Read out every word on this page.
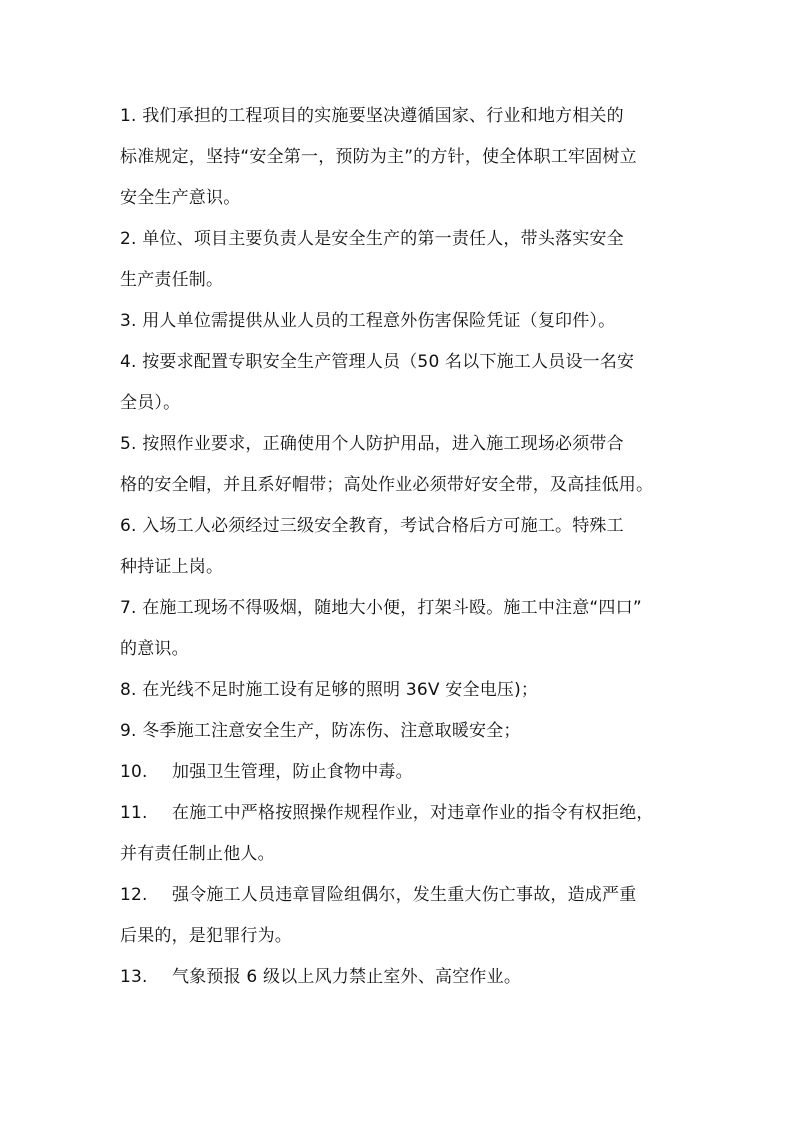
1. 我们承担的工程项目的实施要坚决遵循国家、行业和地方相关的
标准规定，坚持“安全第一，预防为主”的方针，使全体职工牢固树立
安全生产意识。
2. 单位、项目主要负责人是安全生产的第一责任人，带头落实安全
生产责任制。
3. 用人单位需提供从业人员的工程意外伤害保险凭证（复印件）。
4. 按要求配置专职安全生产管理人员（50 名以下施工人员设一名安
全员）。
5. 按照作业要求，正确使用个人防护用品，进入施工现场必须带合
格的安全帽，并且系好帽带；高处作业必须带好安全带，及高挂低用。
6. 入场工人必须经过三级安全教育，考试合格后方可施工。特殊工
种持证上岗。
7. 在施工现场不得吸烟，随地大小便，打架斗殴。施工中注意“四口”
的意识。
8. 在光线不足时施工设有足够的照明 36V 安全电压)；
9. 冬季施工注意安全生产，防冻伤、注意取暖安全；
10. 加强卫生管理，防止食物中毒。
11. 在施工中严格按照操作规程作业，对违章作业的指令有权拒绝，
并有责任制止他人。
12. 强令施工人员违章冒险组偶尔，发生重大伤亡事故，造成严重
后果的，是犯罪行为。
13. 气象预报 6 级以上风力禁止室外、高空作业。
